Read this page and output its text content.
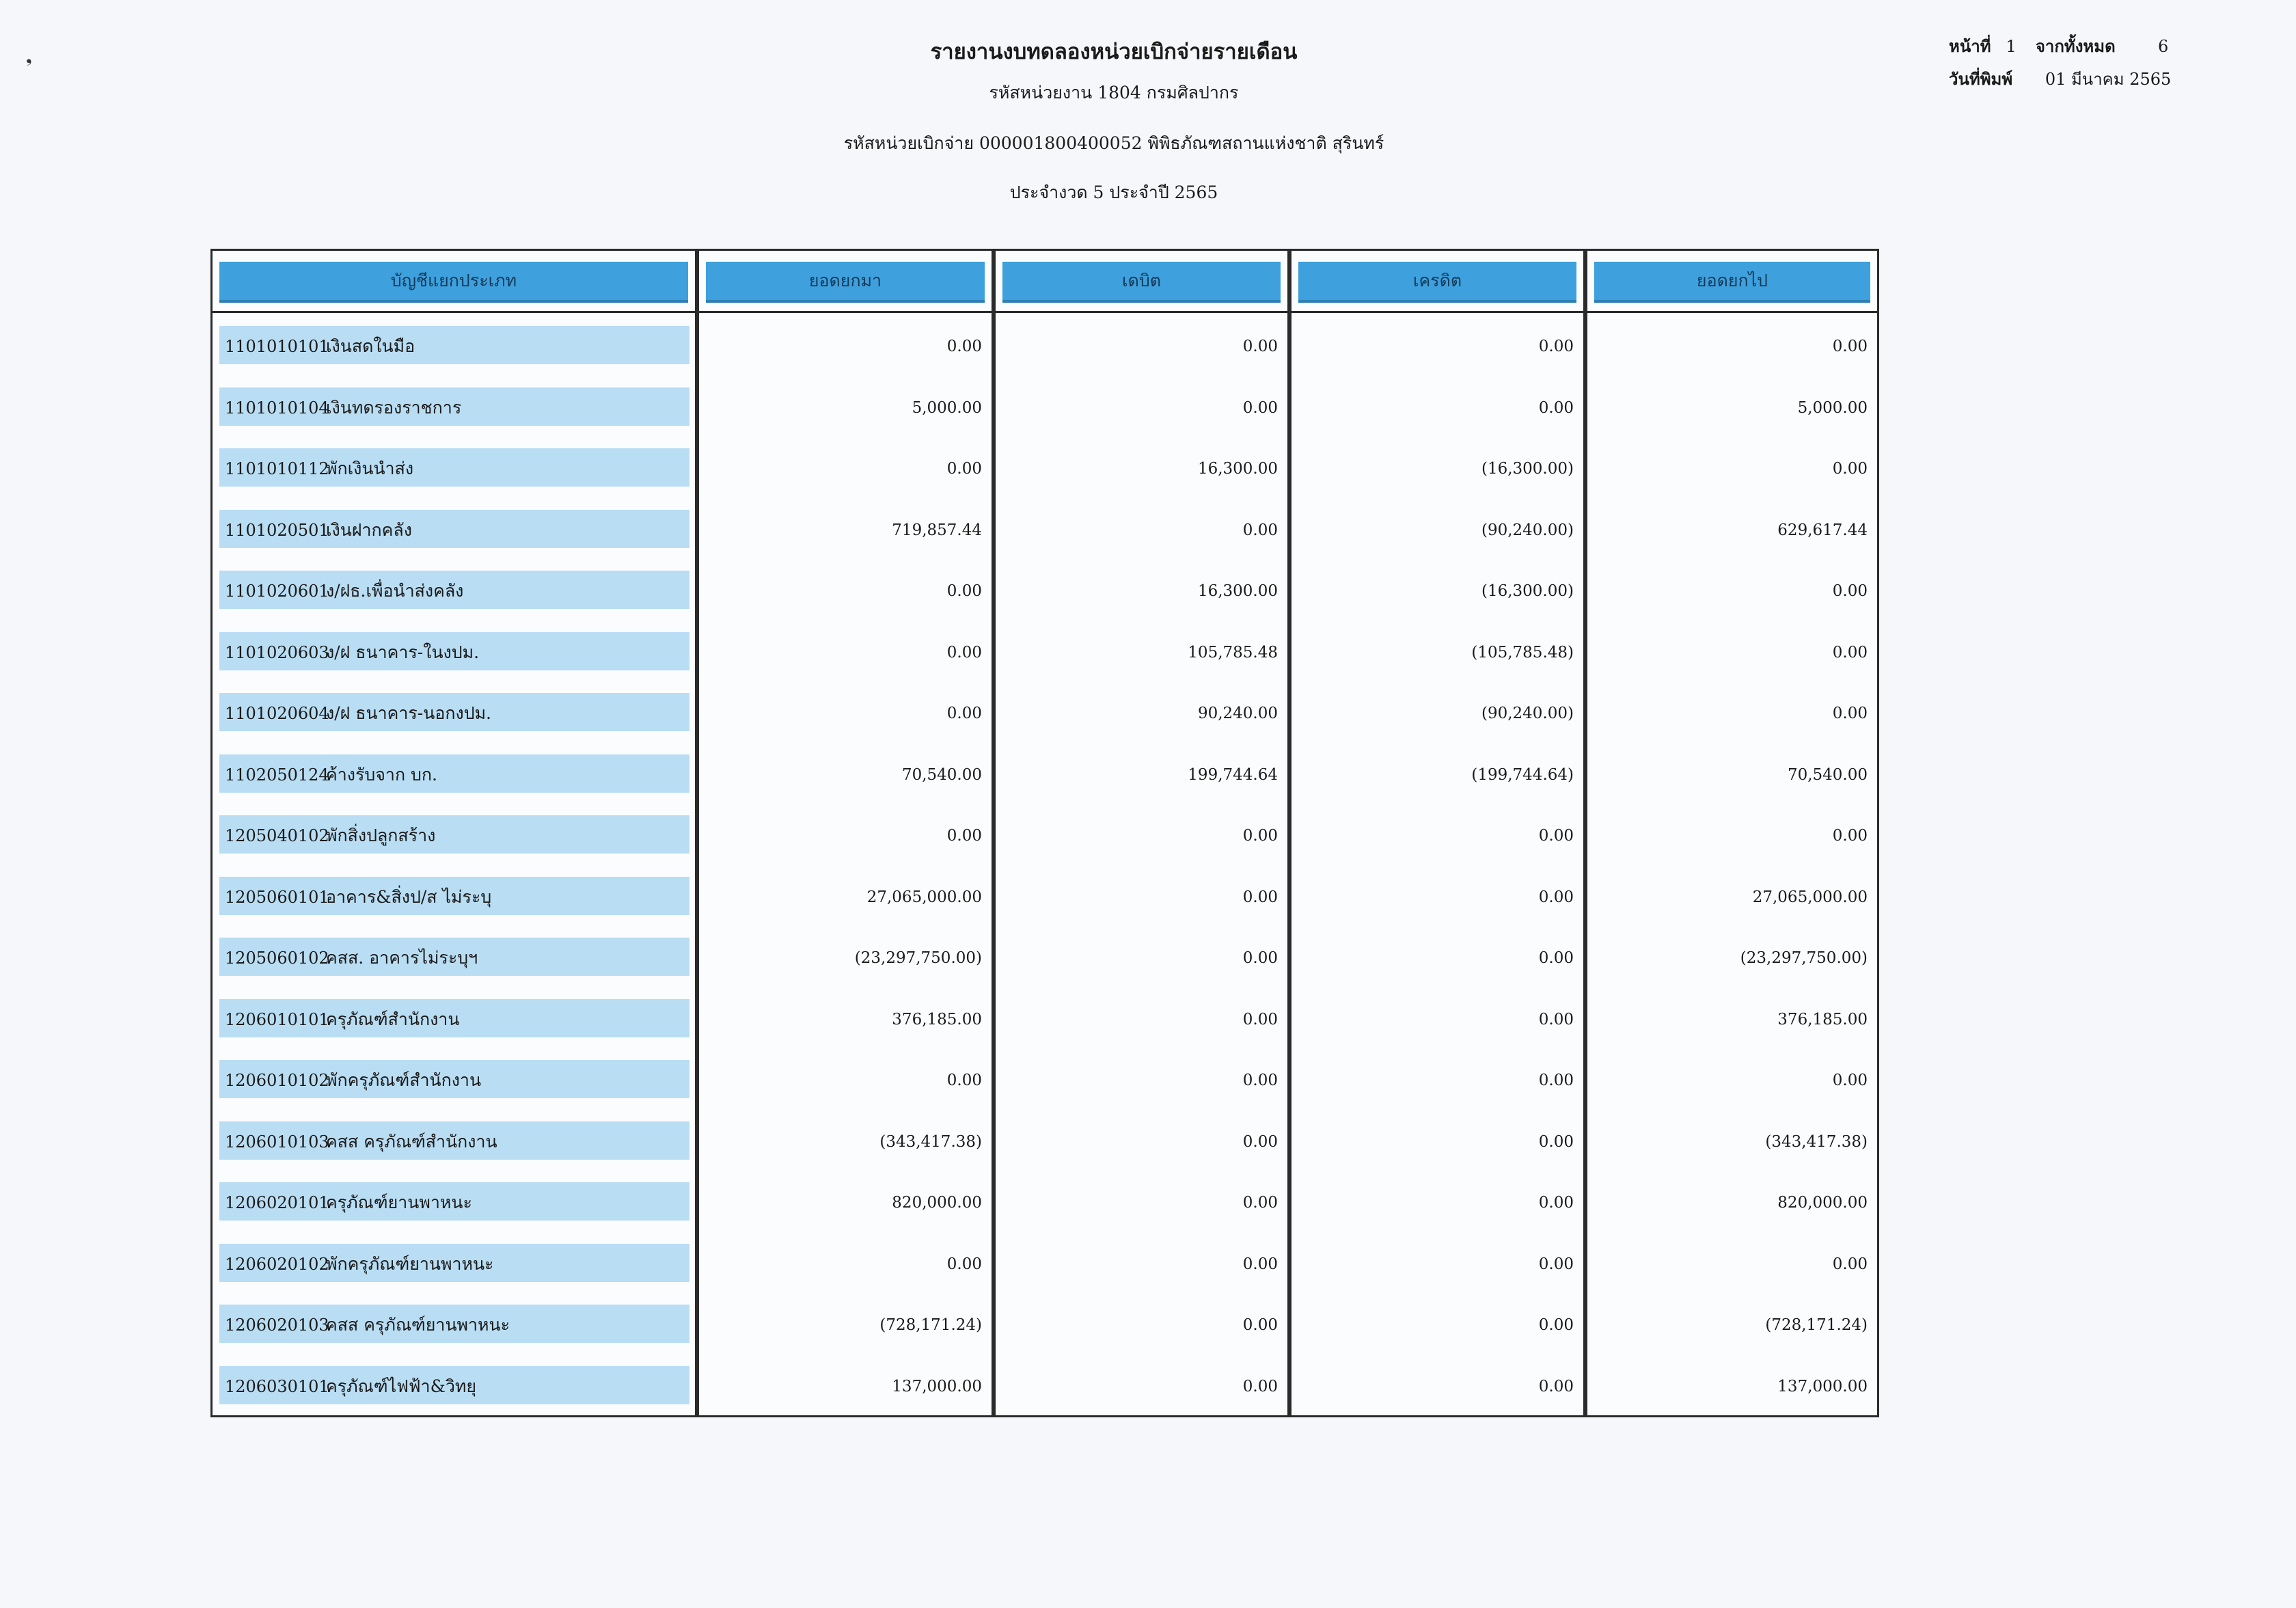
❟	รายงานงบทดลองหน่วยเบิกจ่ายรายเดือน
รหัสหน่วยงาน 1804 กรมศิลปากร
รหัสหน่วยเบิกจ่าย 000001800400052 พิพิธภัณฑสถานแห่งชาติ สุรินทร์
ประจำงวด 5 ประจำปี 2565
หน้าที่ 1 จากทั้งหมด	6
วันที่พิมพ์ 01 มีนาคม 2565
บัญชีแยกประเภท
1101010101
เงินสดในมือ
1101010104
เงินทดรองราชการ
1101010112
พักเงินนำส่ง
1101020501
เงินฝากคลัง
1101020601
ง/ฝธ.เพื่อนำส่งคลัง
1101020603
ง/ฝ ธนาคาร-ในงปม.
1101020604
ง/ฝ ธนาคาร-นอกงปม.
1102050124
ค้างรับจาก บก.
1205040102
พักสิ่งปลูกสร้าง
1205060101
อาคาร&สิ่งป/ส ไม่ระบุ
1205060102
คสส. อาคารไม่ระบุฯ
1206010101
ครุภัณฑ์สำนักงาน
1206010102
พักครุภัณฑ์สำนักงาน
1206010103
คสส ครุภัณฑ์สำนักงาน
1206020101
ครุภัณฑ์ยานพาหนะ
1206020102
พักครุภัณฑ์ยานพาหนะ
1206020103
คสส ครุภัณฑ์ยานพาหนะ
1206030101
ครุภัณฑ์ไฟฟ้า&วิทยุ
ยอดยกมา
0.00
5,000.00
0.00
719,857.44
0.00
0.00
0.00
70,540.00
0.00
27,065,000.00
(23,297,750.00)
376,185.00
0.00
(343,417.38)
820,000.00
0.00
(728,171.24)
137,000.00
เดบิต
0.00
0.00
16,300.00
0.00
16,300.00
105,785.48
90,240.00
199,744.64
0.00
0.00
0.00
0.00
0.00
0.00
0.00
0.00
0.00
0.00
เครดิต
0.00
0.00
(16,300.00)
(90,240.00)
(16,300.00)
(105,785.48)
(90,240.00)
(199,744.64)
0.00
0.00
0.00
0.00
0.00
0.00
0.00
0.00
0.00
0.00
ยอดยกไป
0.00
5,000.00
0.00
629,617.44
0.00
0.00
0.00
70,540.00
0.00
27,065,000.00
(23,297,750.00)
376,185.00
0.00
(343,417.38)
820,000.00
0.00
(728,171.24)
137,000.00
